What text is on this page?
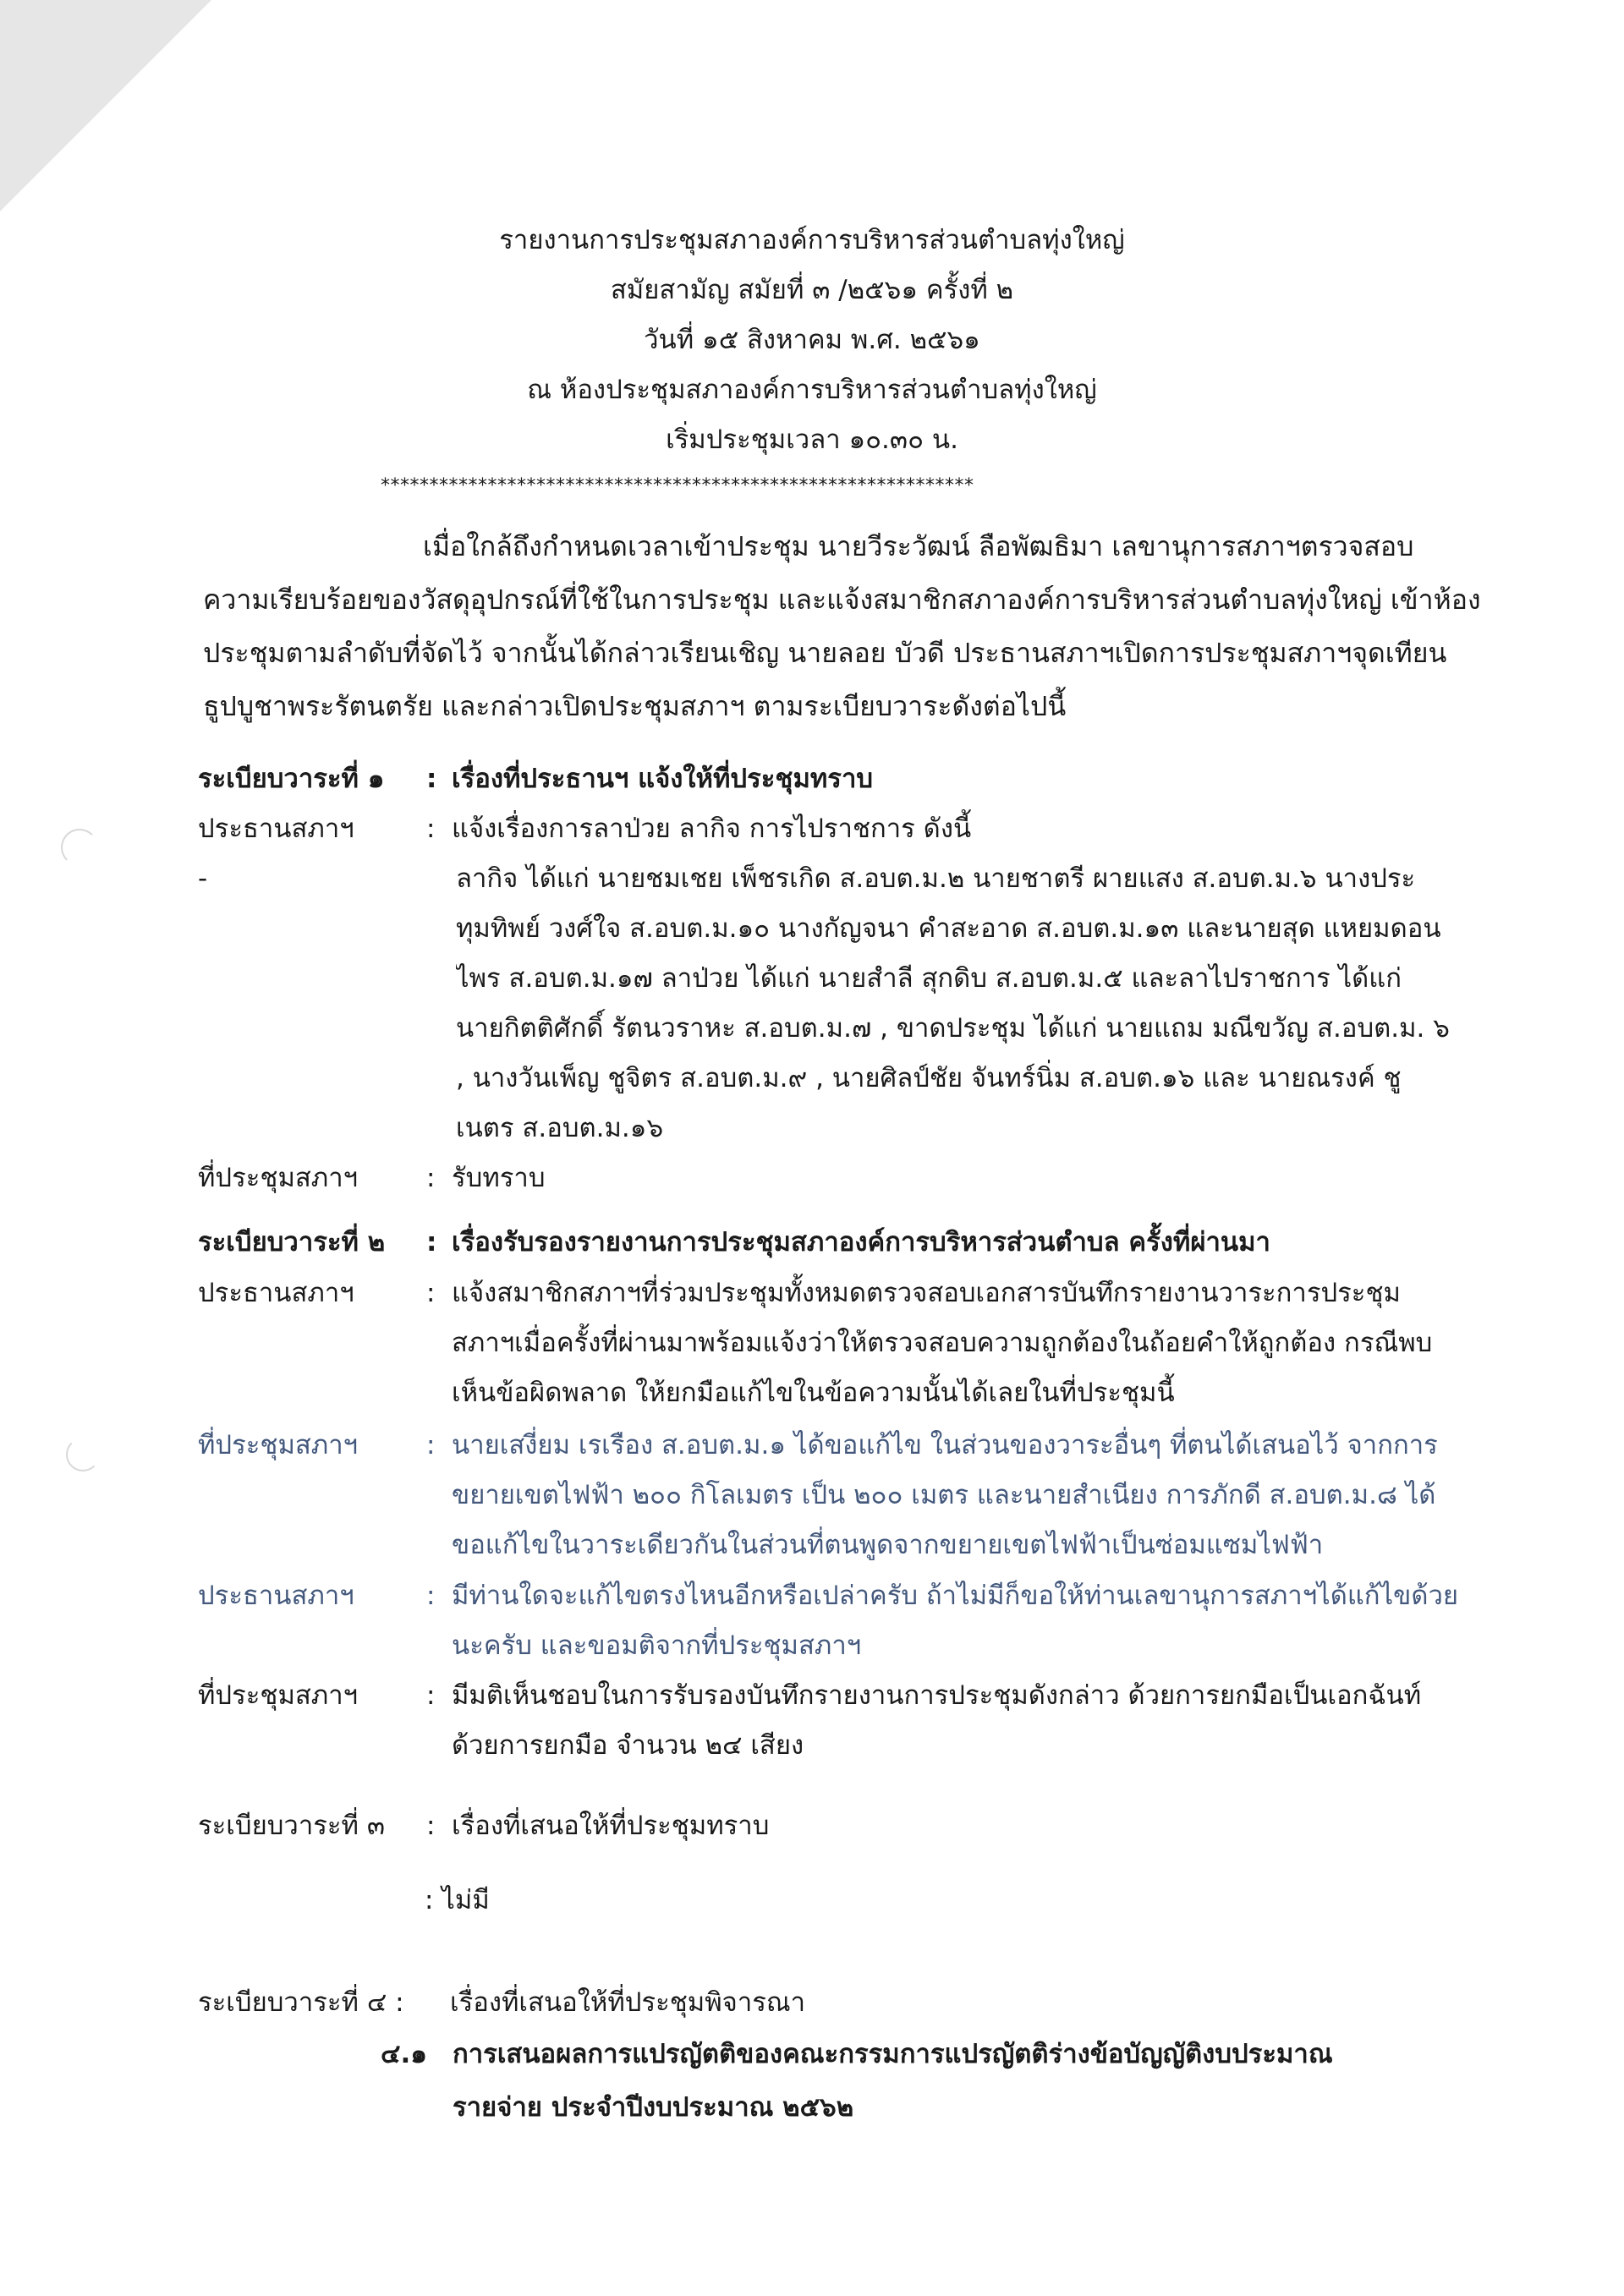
รายงานการประชุมสภาองค์การบริหารส่วนตำบลทุ่งใหญ่
สมัยสามัญ สมัยที่ ๓ /๒๕๖๑ ครั้งที่ ๒
วันที่ ๑๕ สิงหาคม พ.ศ. ๒๕๖๑
ณ ห้องประชุมสภาองค์การบริหารส่วนตำบลทุ่งใหญ่
เริ่มประชุมเวลา ๑๐.๓๐ น.
*************************************************************
เมื่อใกล้ถึงกำหนดเวลาเข้าประชุม นายวีระวัฒน์ ลือพัฒธิมา เลขานุการสภาฯตรวจสอบ
ความเรียบร้อยของวัสดุอุปกรณ์ที่ใช้ในการประชุม และแจ้งสมาชิกสภาองค์การบริหารส่วนตำบลทุ่งใหญ่ เข้าห้อง
ประชุมตามลำดับที่จัดไว้ จากนั้นได้กล่าวเรียนเชิญ นายลอย บัวดี ประธานสภาฯเปิดการประชุมสภาฯจุดเทียน
ธูปบูชาพระรัตนตรัย และกล่าวเปิดประชุมสภาฯ ตามระเบียบวาระดังต่อไปนี้
ระเบียบวาระที่ ๑ : เรื่องที่ประธานฯ แจ้งให้ที่ประชุมทราบ
ประธานสภาฯ	: แจ้งเรื่องการลาป่วย ลากิจ การไปราชการ ดังนี้
-	ลากิจ ได้แก่ นายชมเชย เพ็ชรเกิด ส.อบต.ม.๒ นายชาตรี ผายแสง ส.อบต.ม.๖ นางประ
ทุมทิพย์ วงศ์ใจ ส.อบต.ม.๑๐ นางกัญจนา คำสะอาด ส.อบต.ม.๑๓ และนายสุด แหยมดอน
ไพร ส.อบต.ม.๑๗ ลาป่วย ได้แก่ นายสำลี สุกดิบ ส.อบต.ม.๕ และลาไปราชการ ได้แก่
นายกิตติศักดิ์ รัตนวราหะ ส.อบต.ม.๗ , ขาดประชุม ได้แก่ นายแถม มณีขวัญ ส.อบต.ม. ๖
, นางวันเพ็ญ ชูจิตร ส.อบต.ม.๙ , นายศิลป์ชัย จันทร์นิ่ม ส.อบต.๑๖ และ นายณรงค์ ชู
เนตร ส.อบต.ม.๑๖
ที่ประชุมสภาฯ	: รับทราบ
ระเบียบวาระที่ ๒ : เรื่องรับรองรายงานการประชุมสภาองค์การบริหารส่วนตำบล ครั้งที่ผ่านมา
ประธานสภาฯ	: แจ้งสมาชิกสภาฯที่ร่วมประชุมทั้งหมดตรวจสอบเอกสารบันทึกรายงานวาระการประชุม
สภาฯเมื่อครั้งที่ผ่านมาพร้อมแจ้งว่าให้ตรวจสอบความถูกต้องในถ้อยคำให้ถูกต้อง กรณีพบ
เห็นข้อผิดพลาด ให้ยกมือแก้ไขในข้อความนั้นได้เลยในที่ประชุมนี้
ที่ประชุมสภาฯ	: นายเสงี่ยม เรเรือง ส.อบต.ม.๑ ได้ขอแก้ไข ในส่วนของวาระอื่นๆ ที่ตนได้เสนอไว้ จากการ
ขยายเขตไฟฟ้า ๒๐๐ กิโลเมตร เป็น ๒๐๐ เมตร และนายสำเนียง การภักดี ส.อบต.ม.๘ ได้
ขอแก้ไขในวาระเดียวกันในส่วนที่ตนพูดจากขยายเขตไฟฟ้าเป็นซ่อมแซมไฟฟ้า
ประธานสภาฯ	: มีท่านใดจะแก้ไขตรงไหนอีกหรือเปล่าครับ ถ้าไม่มีก็ขอให้ท่านเลขานุการสภาฯได้แก้ไขด้วย
นะครับ และขอมติจากที่ประชุมสภาฯ
ที่ประชุมสภาฯ	: มีมติเห็นชอบในการรับรองบันทึกรายงานการประชุมดังกล่าว ด้วยการยกมือเป็นเอกฉันท์
ด้วยการยกมือ จำนวน ๒๔ เสียง
ระเบียบวาระที่ ๓ : เรื่องที่เสนอให้ที่ประชุมทราบ
: ไม่มี
ระเบียบวาระที่ ๔ : เรื่องที่เสนอให้ที่ประชุมพิจารณา
๔.๑ การเสนอผลการแปรญัตติของคณะกรรมการแปรญัตติร่างข้อบัญญัติงบประมาณ
รายจ่าย ประจำปีงบประมาณ ๒๕๖๒
